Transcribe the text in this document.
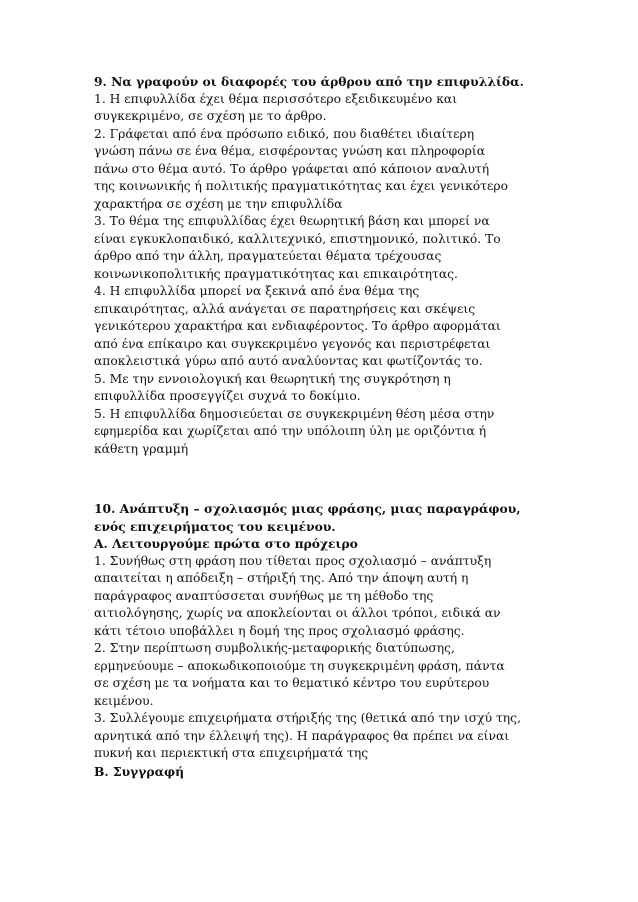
9. Να γραφούν οι διαφορές του άρθρου από την επιφυλλίδα.
1. Η επιφυλλίδα έχει θέμα περισσότερο εξειδικευμένο και
συγκεκριμένο, σε σχέση με το άρθρο.
2. Γράφεται από ένα πρόσωπο ειδικό, που διαθέτει ιδιαίτερη
γνώση πάνω σε ένα θέμα, εισφέροντας γνώση και πληροφορία
πάνω στο θέμα αυτό. Το άρθρο γράφεται από κάποιον αναλυτή
της κοινωνικής ή πολιτικής πραγματικότητας και έχει γενικότερο
χαρακτήρα σε σχέση με την επιφυλλίδα
3. Το θέμα της επιφυλλίδας έχει θεωρητική βάση και μπορεί να
είναι εγκυκλοπαιδικό, καλλιτεχνικό, επιστημονικό, πολιτικό. Το
άρθρο από την άλλη, πραγματεύεται θέματα τρέχουσας
κοινωνικοπολιτικής πραγματικότητας και επικαιρότητας.
4. Η επιφυλλίδα μπορεί να ξεκινά από ένα θέμα της
επικαιρότητας, αλλά ανάγεται σε παρατηρήσεις και σκέψεις
γενικότερου χαρακτήρα και ενδιαφέροντος. Το άρθρο αφορμάται
από ένα επίκαιρο και συγκεκριμένο γεγονός και περιστρέφεται
αποκλειστικά γύρω από αυτό αναλύοντας και φωτίζοντάς το.
5. Με την εννοιολογική και θεωρητική της συγκρότηση η
επιφυλλίδα προσεγγίζει συχνά το δοκίμιο.
5. Η επιφυλλίδα δημοσιεύεται σε συγκεκριμένη θέση μέσα στην
εφημερίδα και χωρίζεται από την υπόλοιπη ύλη με οριζόντια ή
κάθετη γραμμή
10. Ανάπτυξη – σχολιασμός μιας φράσης, μιας παραγράφου,
ενός επιχειρήματος του κειμένου.
Α. Λειτουργούμε πρώτα στο πρόχειρο
1. Συνήθως στη φράση που τίθεται προς σχολιασμό – ανάπτυξη
απαιτείται η απόδειξη – στήριξή της. Από την άποψη αυτή η
παράγραφος αναπτύσσεται συνήθως με τη μέθοδο της
αιτιολόγησης, χωρίς να αποκλείονται οι άλλοι τρόποι, ειδικά αν
κάτι τέτοιο υποβάλλει η δομή της προς σχολιασμό φράσης.
2. Στην περίπτωση συμβολικής-μεταφορικής διατύπωσης,
ερμηνεύουμε – αποκωδικοποιούμε τη συγκεκριμένη φράση, πάντα
σε σχέση με τα νοήματα και το θεματικό κέντρο του ευρύτερου
κειμένου.
3. Συλλέγουμε επιχειρήματα στήριξής της (θετικά από την ισχύ της,
αρνητικά από την έλλειψή της). Η παράγραφος θα πρέπει να είναι
πυκνή και περιεκτική στα επιχειρήματά της
Β. Συγγραφή
